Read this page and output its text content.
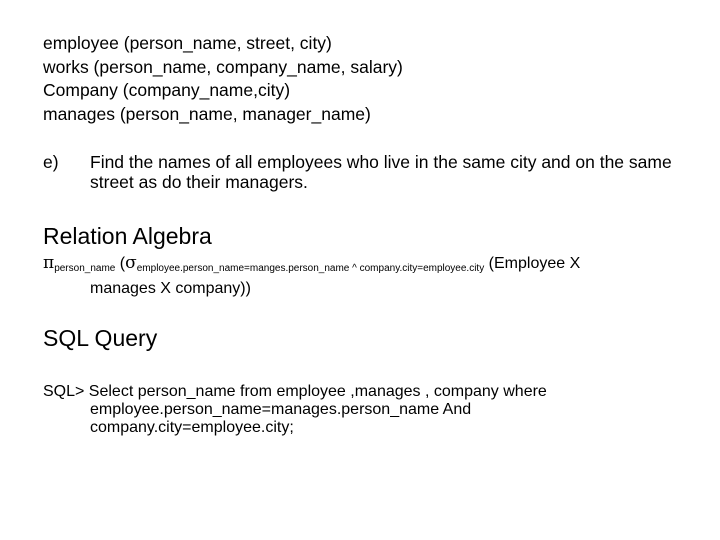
employee (person_name, street, city)
works (person_name, company_name, salary)
Company (company_name,city)
manages (person_name, manager_name)
e) Find the names of all employees who live in the same city and on the same street as do their managers.
Relation Algebra
$\pi_{person\_name}$ ($\sigma_{employee.person\_name=manges.person\_name \^{} company.city=employee.city}$ (Employee X
manages X company))
SQL Query
SQL> Select person_name from employee ,manages , company where
employee.person_name=manages.person_name And
company.city=employee.city;
